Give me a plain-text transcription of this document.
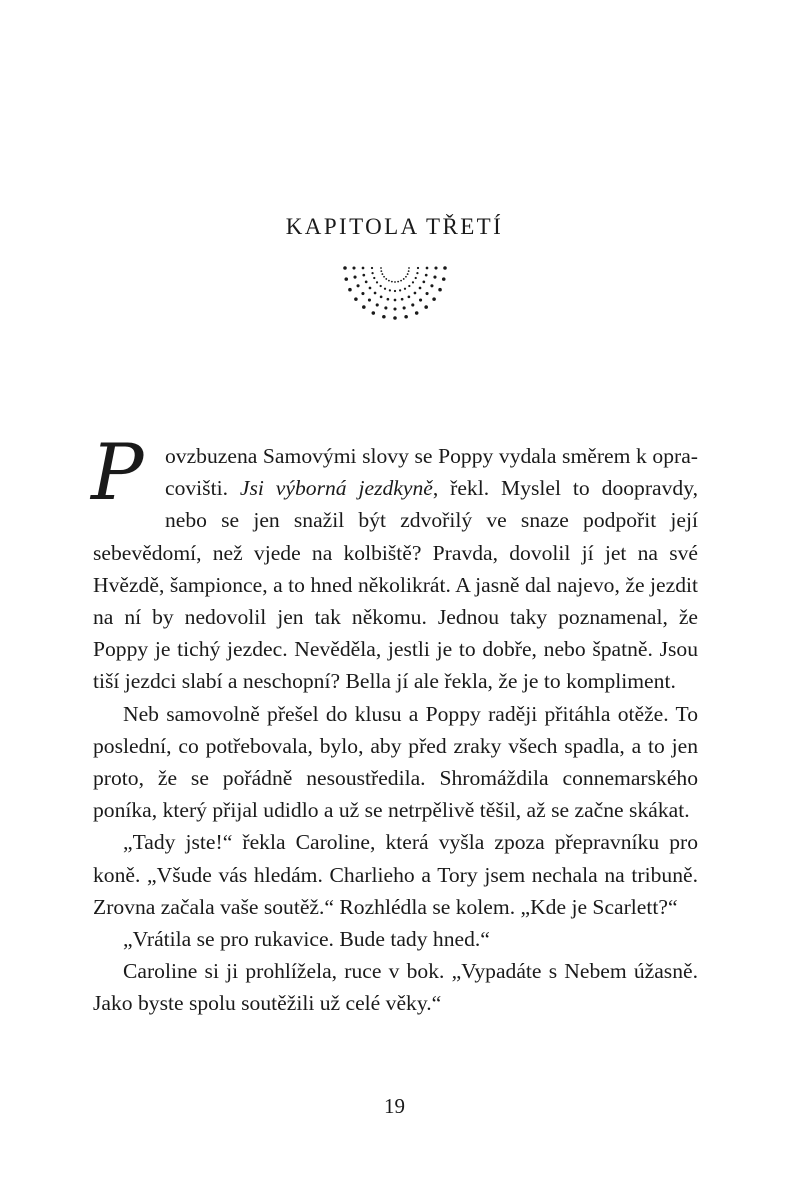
KAPITOLA TŘETÍ

Povzbuzena Samovými slovy se Poppy vydala směrem k opracovišti. Jsi výborná jezdkyně, řekl. Myslel to doopravdy, nebo se jen snažil být zdvořilý ve snaze podpořit její sebevědomí, než vjede na kolbiště? Pravda, dovolil jí jet na své Hvězdě, šampionce, a to hned několikrát. A jasně dal najevo, že jezdit na ní by nedovolil jen tak někomu. Jednou taky poznamenal, že Poppy je tichý jezdec. Nevěděla, jestli je to dobře, nebo špatně. Jsou tiší jezdci slabí a neschopní? Bella jí ale řekla, že je to kompliment.

Neb samovolně přešel do klusu a Poppy raději přitáhla otěže. To poslední, co potřebovala, bylo, aby před zraky všech spadla, a to jen proto, že se pořádně nesoustředila. Shromáždila connemarského poníka, který přijal udidlo a už se netrpělivě těšil, až se začne skákat.

„Tady jste!“ řekla Caroline, která vyšla zpoza přepravníku pro koně. „Všude vás hledám. Charlieho a Tory jsem nechala na tribuně. Zrovna začala vaše soutěž.“ Rozhlédla se kolem. „Kde je Scarlett?“

„Vrátila se pro rukavice. Bude tady hned.“

Caroline si ji prohlížela, ruce v bok. „Vypadáte s Nebem úžasně. Jako byste spolu soutěžili už celé věky.“

19
